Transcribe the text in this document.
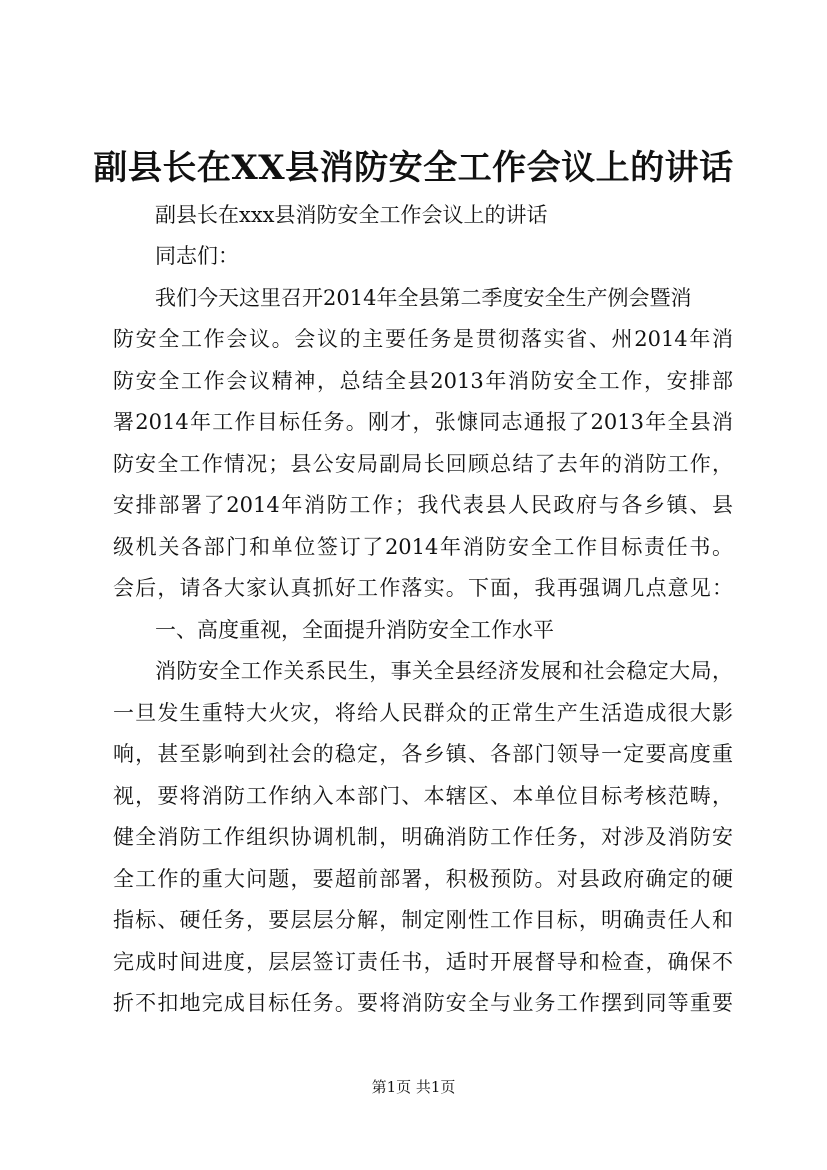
副县长在XX县消防安全工作会议上的讲话
副县长在xxx县消防安全工作会议上的讲话
同志们：
我们今天这里召开2014年全县第二季度安全生产例会暨消
防安全工作会议。会议的主要任务是贯彻落实省、州2014年消
防安全工作会议精神，总结全县2013年消防安全工作，安排部
署2014年工作目标任务。刚才，张慷同志通报了2013年全县消
防安全工作情况；县公安局副局长回顾总结了去年的消防工作，
安排部署了2014年消防工作；我代表县人民政府与各乡镇、县
级机关各部门和单位签订了2014年消防安全工作目标责任书。
会后，请各大家认真抓好工作落实。下面，我再强调几点意见：
一、高度重视，全面提升消防安全工作水平
消防安全工作关系民生，事关全县经济发展和社会稳定大局，
一旦发生重特大火灾，将给人民群众的正常生产生活造成很大影
响，甚至影响到社会的稳定，各乡镇、各部门领导一定要高度重
视，要将消防工作纳入本部门、本辖区、本单位目标考核范畴，
健全消防工作组织协调机制，明确消防工作任务，对涉及消防安
全工作的重大问题，要超前部署，积极预防。对县政府确定的硬
指标、硬任务，要层层分解，制定刚性工作目标，明确责任人和
完成时间进度，层层签订责任书，适时开展督导和检查，确保不
折不扣地完成目标任务。要将消防安全与业务工作摆到同等重要
第1页 共1页
